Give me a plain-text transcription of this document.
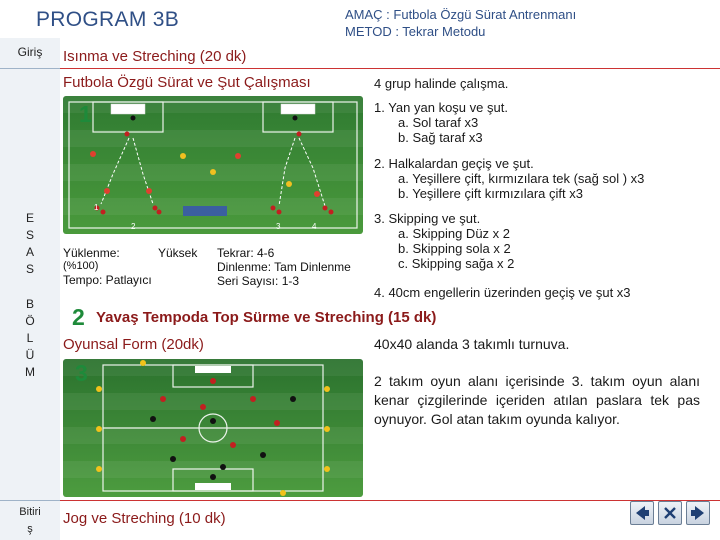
PROGRAM 3B	AMAÇ : Futbola Özgü Sürat Antrenmanı
METOD : Tekrar Metodu
Giriş
E
S
A
S
B
Ö
L
Ü
M
Bitiri
ş
Isınma ve Streching (20 dk)
Futbola Özgü Sürat ve Şut Çalışması
1
1
2	3	4
Yüklenme:	Yüksek
(%100)
Tempo: Patlayıcı
Tekrar: 4-6
Dinlenme: Tam Dinlenme
Seri Sayısı: 1-3
4 grup halinde çalışma.
1. Yan yan koşu ve şut.
a. Sol taraf x3
b. Sağ taraf x3
2. Halkalardan geçiş ve şut.
a. Yeşillere çift, kırmızılara tek (sağ sol ) x3
b. Yeşillere çift kırmızılara çift x3
3. Skipping ve şut.
a. Skipping Düz x 2
b. Skipping sola x 2
c. Skipping sağa x 2
4. 40cm engellerin üzerinden geçiş ve şut x3
2 Yavaş Tempoda Top Sürme ve Streching (15 dk)
Oyunsal Form (20dk)
3
40x40 alanda 3 takımlı turnuva.
2 takım oyun alanı içerisinde 3. takım oyun alanı kenar çizgilerinde içeriden atılan paslara tek pas oynuyor. Gol atan takım oyunda kalıyor.
Jog ve Streching (10 dk)
